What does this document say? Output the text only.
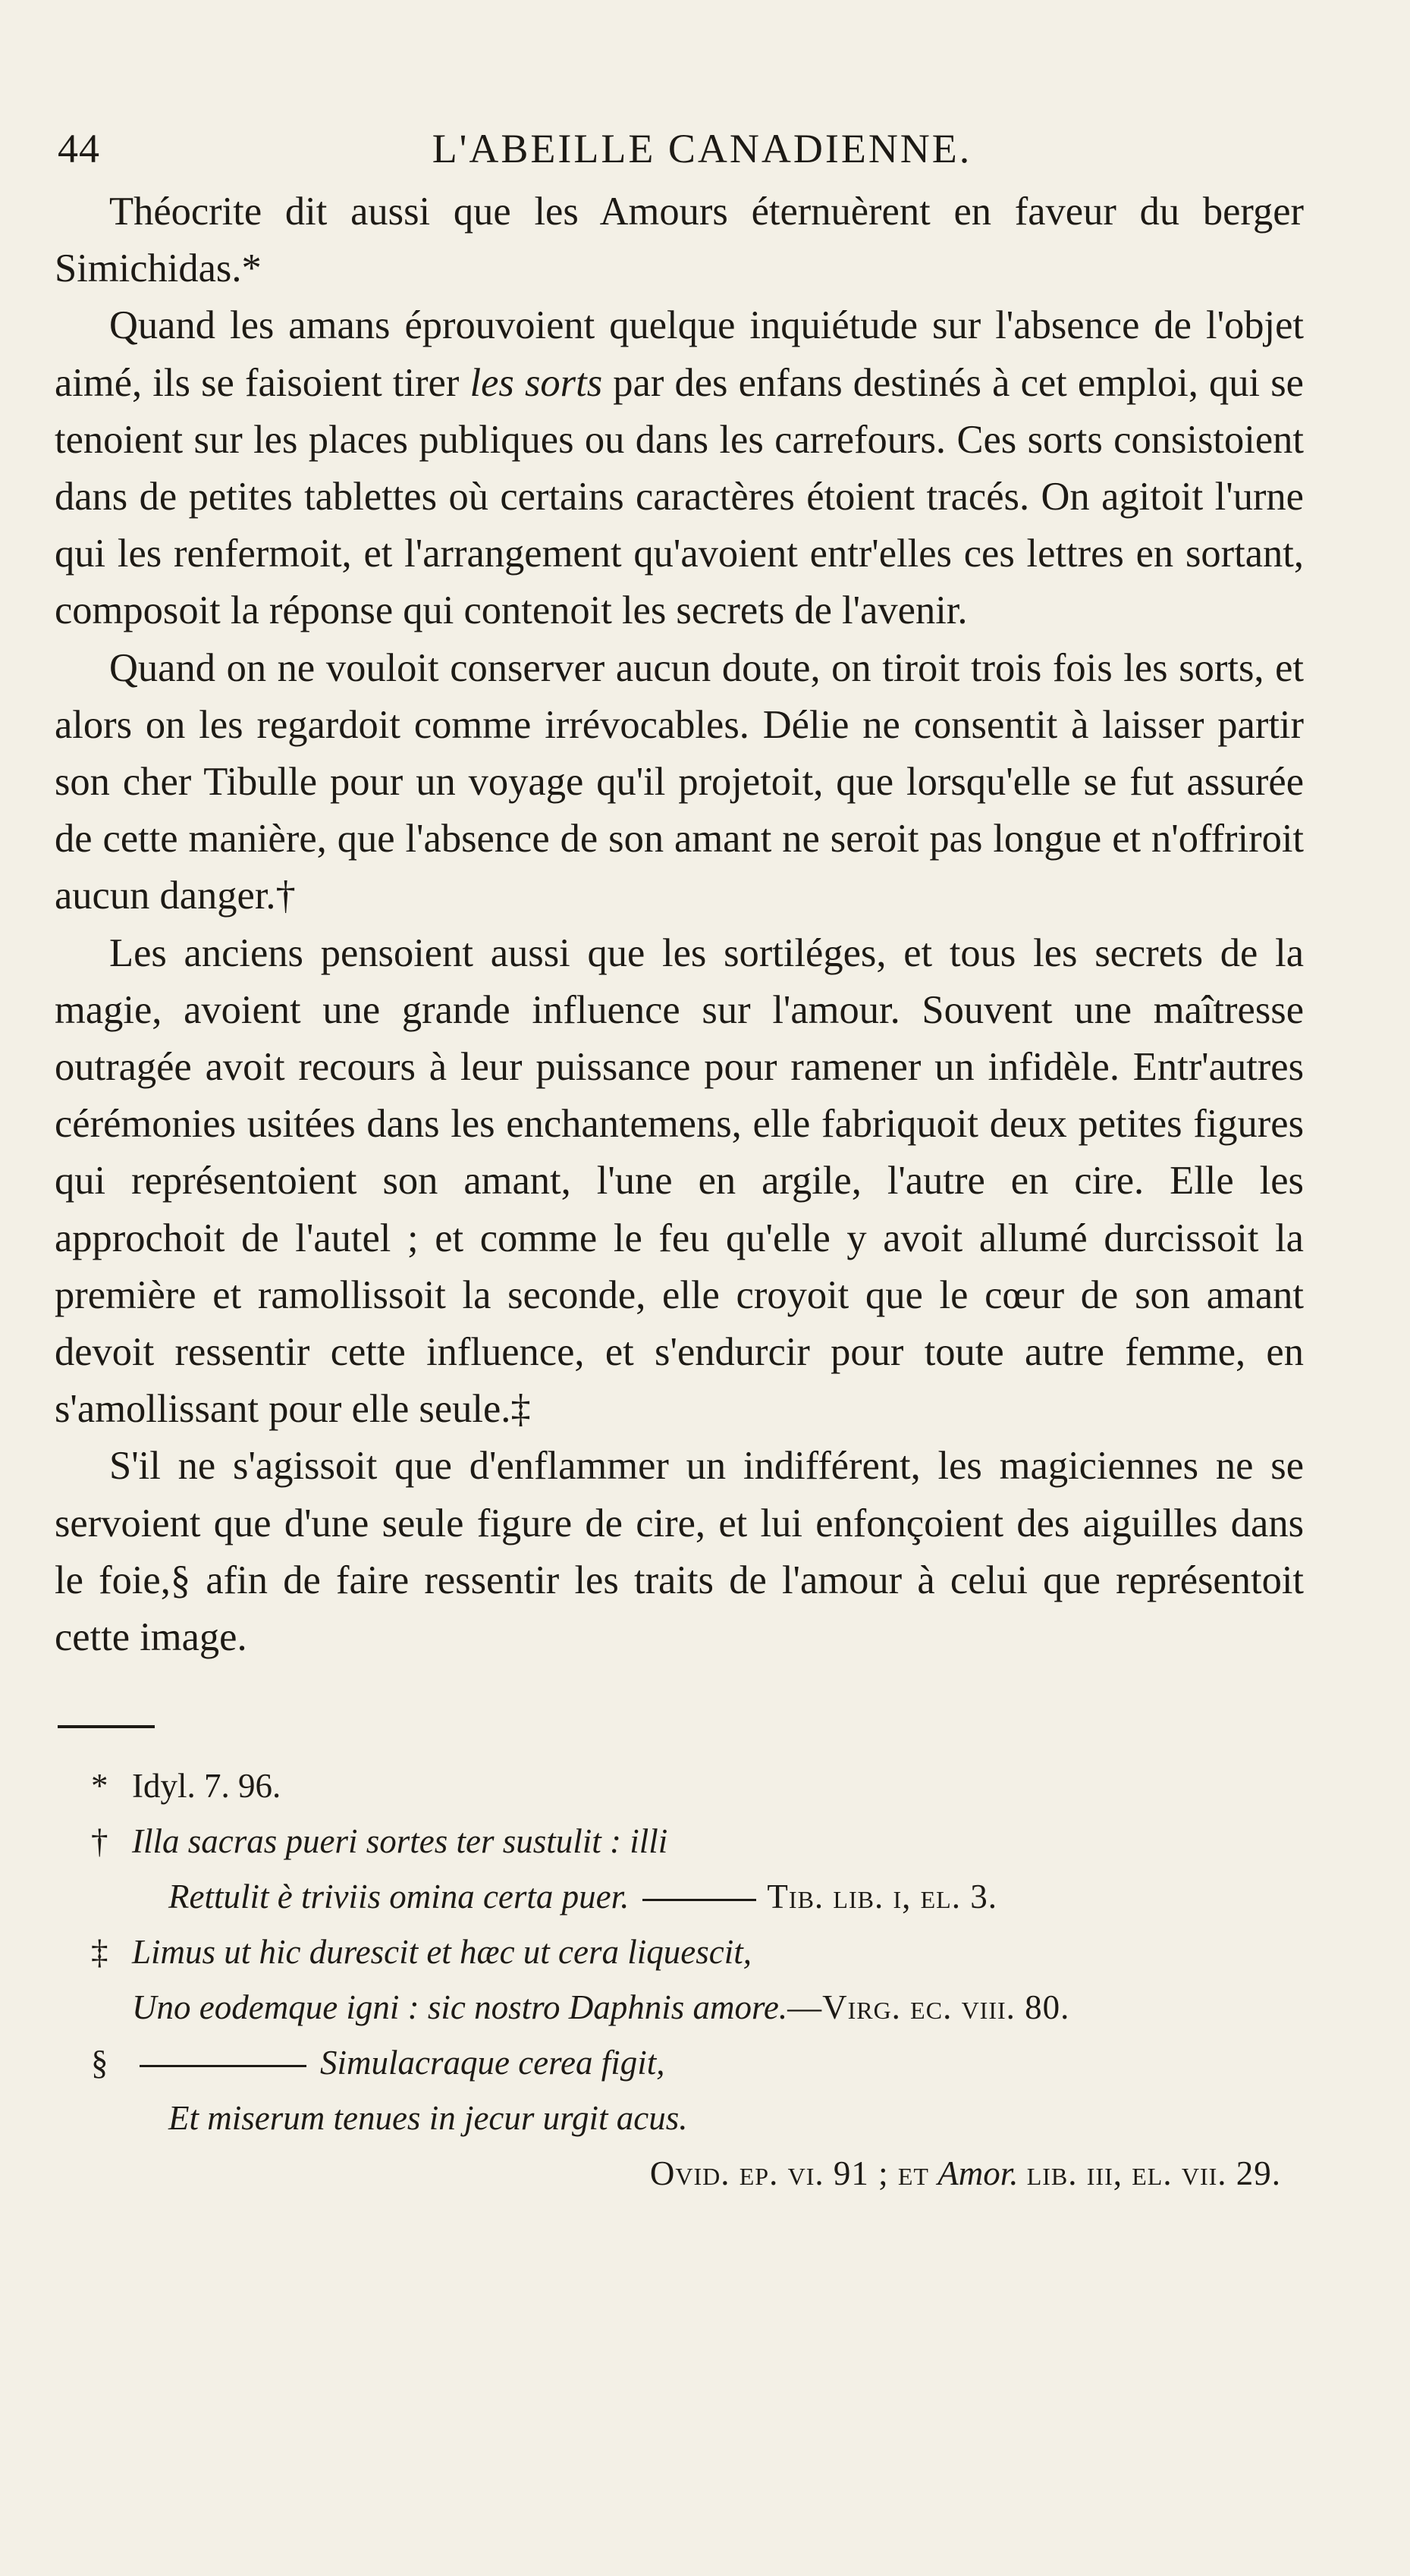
44	L'ABEILLE CANADIENNE.

Théocrite dit aussi que les Amours éternuèrent en faveur du berger Simichidas.*

Quand les amans éprouvoient quelque inquiétude sur l'absence de l'objet aimé, ils se faisoient tirer les sorts par des enfans destinés à cet emploi, qui se tenoient sur les places publiques ou dans les carrefours. Ces sorts consistoient dans de petites tablettes où certains caractères étoient tracés. On agitoit l'urne qui les renfermoit, et l'arrangement qu'avoient entr'elles ces lettres en sortant, composoit la réponse qui contenoit les secrets de l'avenir.

Quand on ne vouloit conserver aucun doute, on tiroit trois fois les sorts, et alors on les regardoit comme irrévocables. Délie ne consentit à laisser partir son cher Tibulle pour un voyage qu'il projetoit, que lorsqu'elle se fut assurée de cette manière, que l'absence de son amant ne seroit pas longue et n'offriroit aucun danger.†

Les anciens pensoient aussi que les sortiléges, et tous les secrets de la magie, avoient une grande influence sur l'amour. Souvent une maîtresse outragée avoit recours à leur puissance pour ramener un infidèle. Entr'autres cérémonies usitées dans les enchantemens, elle fabriquoit deux petites figures qui représentoient son amant, l'une en argile, l'autre en cire. Elle les approchoit de l'autel ; et comme le feu qu'elle y avoit allumé durcissoit la première et ramollissoit la seconde, elle croyoit que le cœur de son amant devoit ressentir cette influence, et s'endurcir pour toute autre femme, en s'amollissant pour elle seule.‡

S'il ne s'agissoit que d'enflammer un indifférent, les magiciennes ne se servoient que d'une seule figure de cire, et lui enfonçoient des aiguilles dans le foie,§ afin de faire ressentir les traits de l'amour à celui que représentoit cette image.

* Idyl. 7. 96.
† Illa sacras pueri sortes ter sustulit : illi
Rettulit è triviis omina certa puer.	Tib. lib. i, el. 3.
‡ Limus ut hic durescit et hæc ut cera liquescit,
Uno eodemque igni : sic nostro Daphnis amore.—Virg. ec. viii. 80.
§	Simulacraque cerea figit,
Et miserum tenues in jecur urgit acus.
Ovid. ep. vi. 91 ; et Amor. lib. iii, el. vii. 29.
